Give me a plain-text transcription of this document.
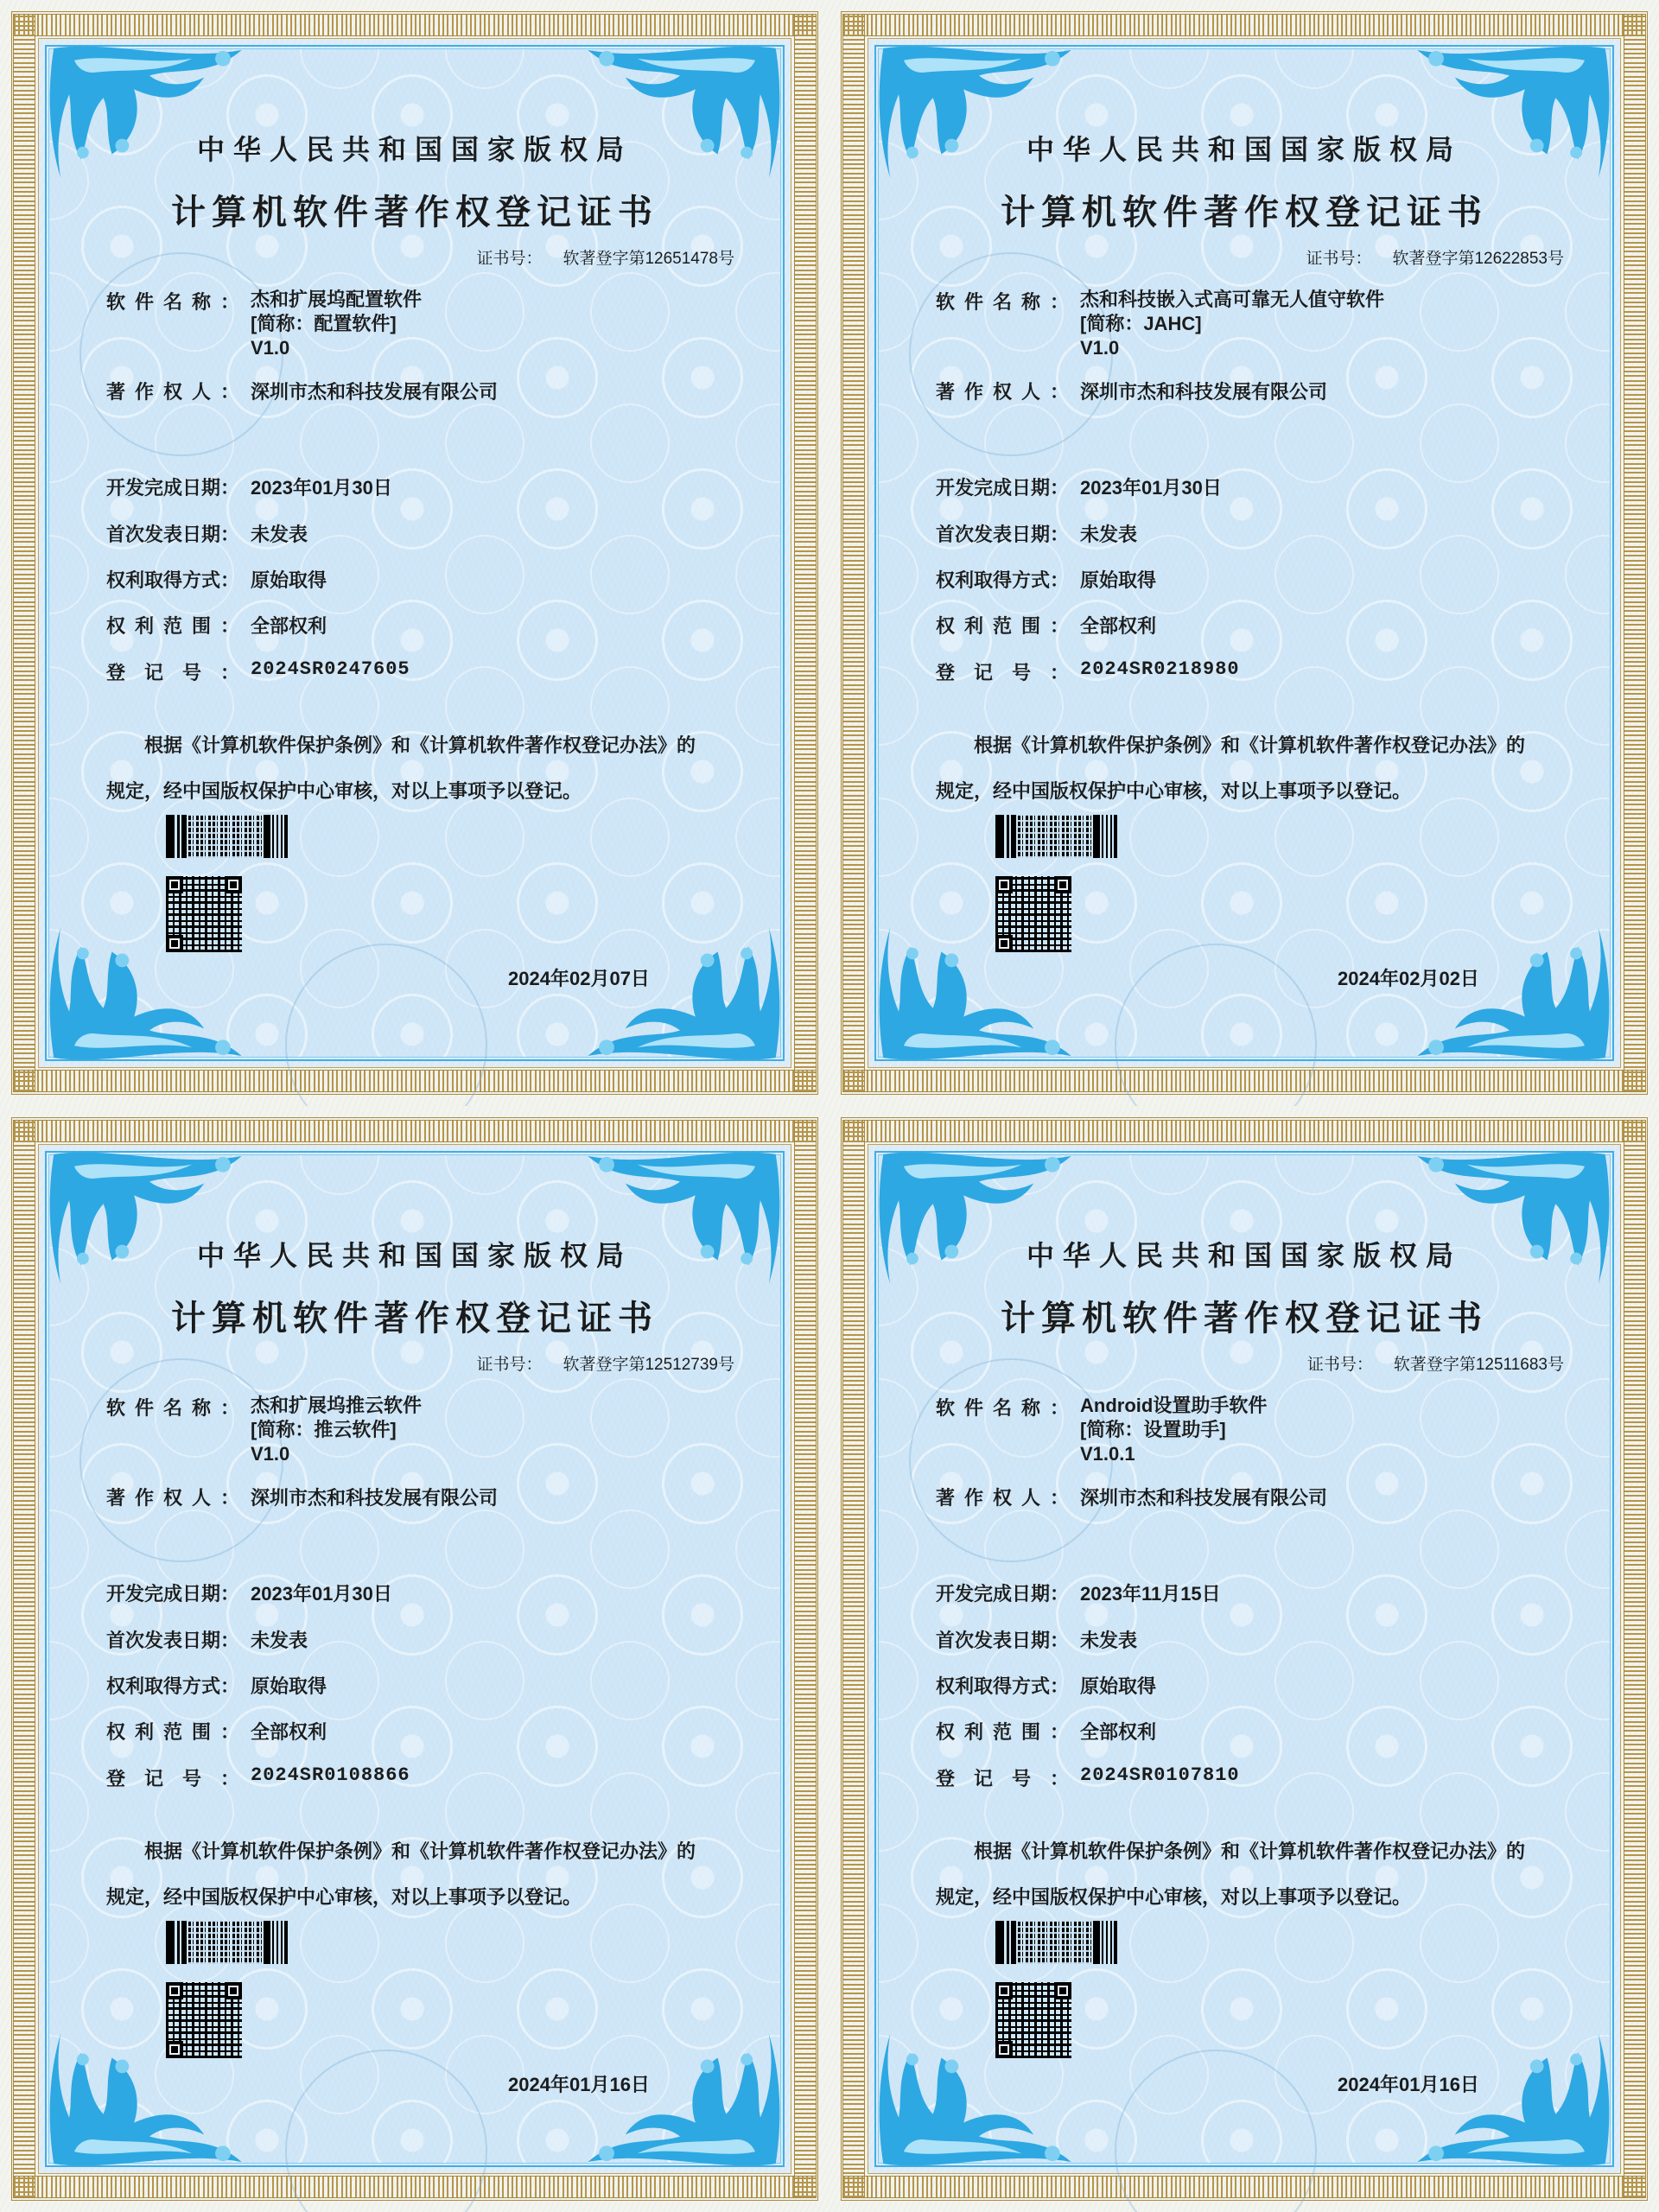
中华人民共和国国家版权局
计算机软件著作权登记证书
证书号： 软著登字第12651478号
软件名称： 杰和扩展坞配置软件
[简称：配置软件]
V1.0
著作权人： 深圳市杰和科技发展有限公司
开发完成日期： 2023年01月30日
首次发表日期： 未发表
权利取得方式： 原始取得
权利范围： 全部权利
登记号： 2024SR0247605
根据《计算机软件保护条例》和《计算机软件著作权登记办法》的
规定，经中国版权保护中心审核，对以上事项予以登记。
2024年02月07日
中华人民共和国国家版权局
计算机软件著作权登记证书
证书号： 软著登字第12622853号
软件名称： 杰和科技嵌入式高可靠无人值守软件
[简称：JAHC]
V1.0
著作权人： 深圳市杰和科技发展有限公司
开发完成日期： 2023年01月30日
首次发表日期： 未发表
权利取得方式： 原始取得
权利范围： 全部权利
登记号： 2024SR0218980
根据《计算机软件保护条例》和《计算机软件著作权登记办法》的
规定，经中国版权保护中心审核，对以上事项予以登记。
2024年02月02日
中华人民共和国国家版权局
计算机软件著作权登记证书
证书号： 软著登字第12512739号
软件名称： 杰和扩展坞推云软件
[简称：推云软件]
V1.0
著作权人： 深圳市杰和科技发展有限公司
开发完成日期： 2023年01月30日
首次发表日期： 未发表
权利取得方式： 原始取得
权利范围： 全部权利
登记号： 2024SR0108866
根据《计算机软件保护条例》和《计算机软件著作权登记办法》的
规定，经中国版权保护中心审核，对以上事项予以登记。
2024年01月16日
中华人民共和国国家版权局
计算机软件著作权登记证书
证书号： 软著登字第12511683号
软件名称： Android设置助手软件
[简称：设置助手]
V1.0.1
著作权人： 深圳市杰和科技发展有限公司
开发完成日期： 2023年11月15日
首次发表日期： 未发表
权利取得方式： 原始取得
权利范围： 全部权利
登记号： 2024SR0107810
根据《计算机软件保护条例》和《计算机软件著作权登记办法》的
规定，经中国版权保护中心审核，对以上事项予以登记。
2024年01月16日
